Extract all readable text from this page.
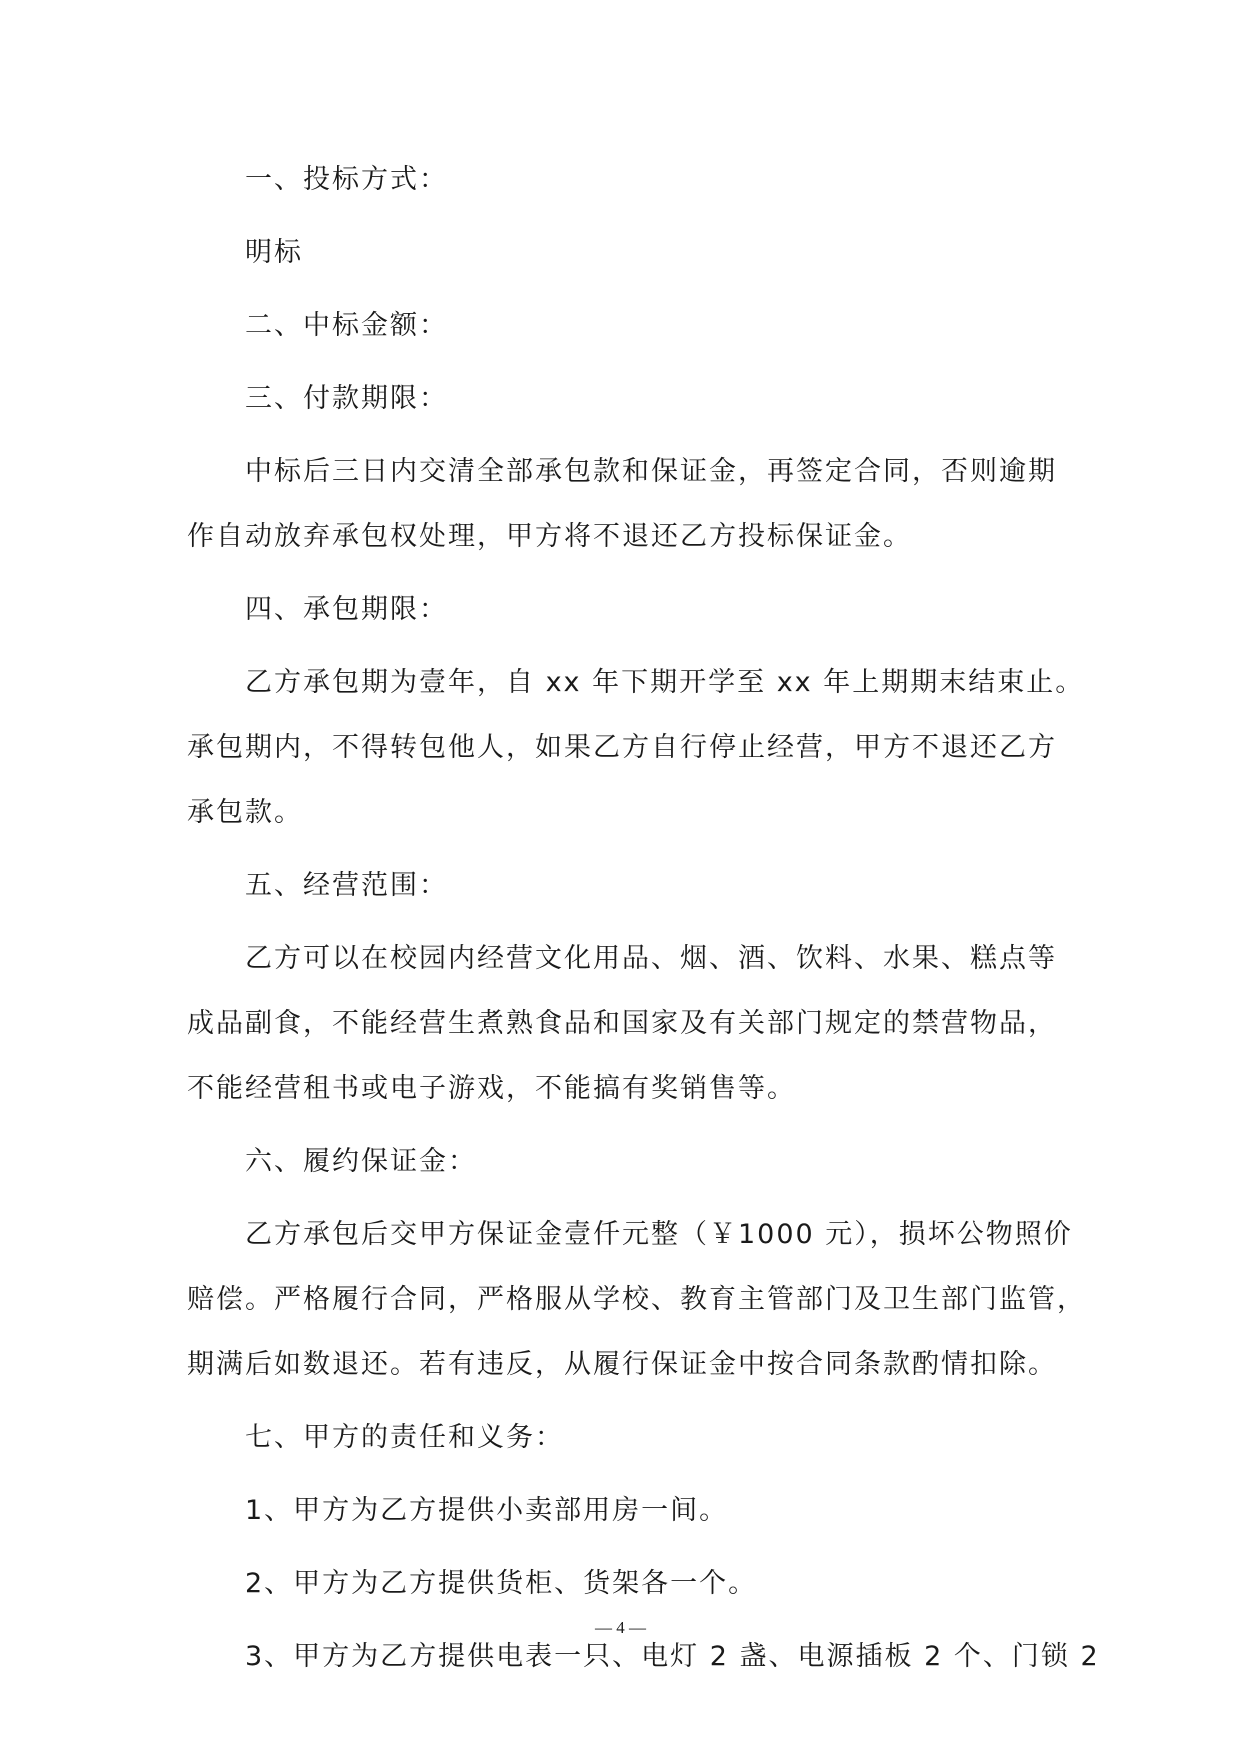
一、投标方式：
明标
二、中标金额：
三、付款期限：
中标后三日内交清全部承包款和保证金，再签定合同，否则逾期
作自动放弃承包权处理，甲方将不退还乙方投标保证金。
四、承包期限：
乙方承包期为壹年，自 xx 年下期开学至 xx 年上期期末结束止。
承包期内，不得转包他人，如果乙方自行停止经营，甲方不退还乙方
承包款。
五、经营范围：
乙方可以在校园内经营文化用品、烟、酒、饮料、水果、糕点等
成品副食，不能经营生煮熟食品和国家及有关部门规定的禁营物品，
不能经营租书或电子游戏，不能搞有奖销售等。
六、履约保证金：
乙方承包后交甲方保证金壹仟元整（￥1000 元），损坏公物照价
赔偿。严格履行合同，严格服从学校、教育主管部门及卫生部门监管，
期满后如数退还。若有违反，从履行保证金中按合同条款酌情扣除。
七、甲方的责任和义务：
1、甲方为乙方提供小卖部用房一间。
2、甲方为乙方提供货柜、货架各一个。
3、甲方为乙方提供电表一只、电灯 2 盏、电源插板 2 个、门锁 2
— 4 —
